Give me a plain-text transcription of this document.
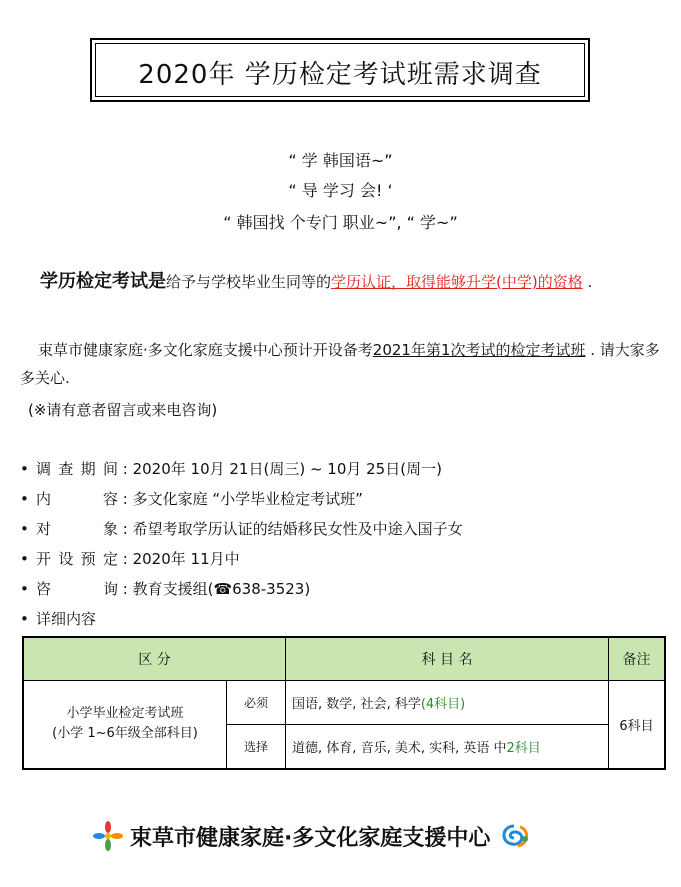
2020年 学历检定考试班需求调查
“ 学 韩国语~”
“ 导 学习 会! ‘
“ 韩国找 个专门 职业~”, “ 学~”
学历检定考试是给予与学校毕业生同等的学历认证，取得能够升学(中学)的资格 .
束草市健康家庭·多文化家庭支援中心预计开设备考2021年第1次考试的检定考试班 . 请大家多多关心.
(※请有意者留言或来电咨询)
• 调查期间 : 2020年 10月 21日(周三) ~ 10月 25日(周一)
• 内容 : 多文化家庭 “小学毕业检定考试班”
• 对象 : 希望考取学历认证的结婚移民女性及中途入国子女
• 开设预定 : 2020年 11月中
• 咨询 : 教育支援组(☎638-3523)
• 详细内容
区 分		科 目 名	备注

小学毕业检定考试班
(小学 1~6年级全部科目)	必须	国语, 数学, 社会, 科学(4科目)	6科目
	选择	道德, 体育, 音乐, 美术, 实科, 英语 中2科目	
束草市健康家庭·多文化家庭支援中心
